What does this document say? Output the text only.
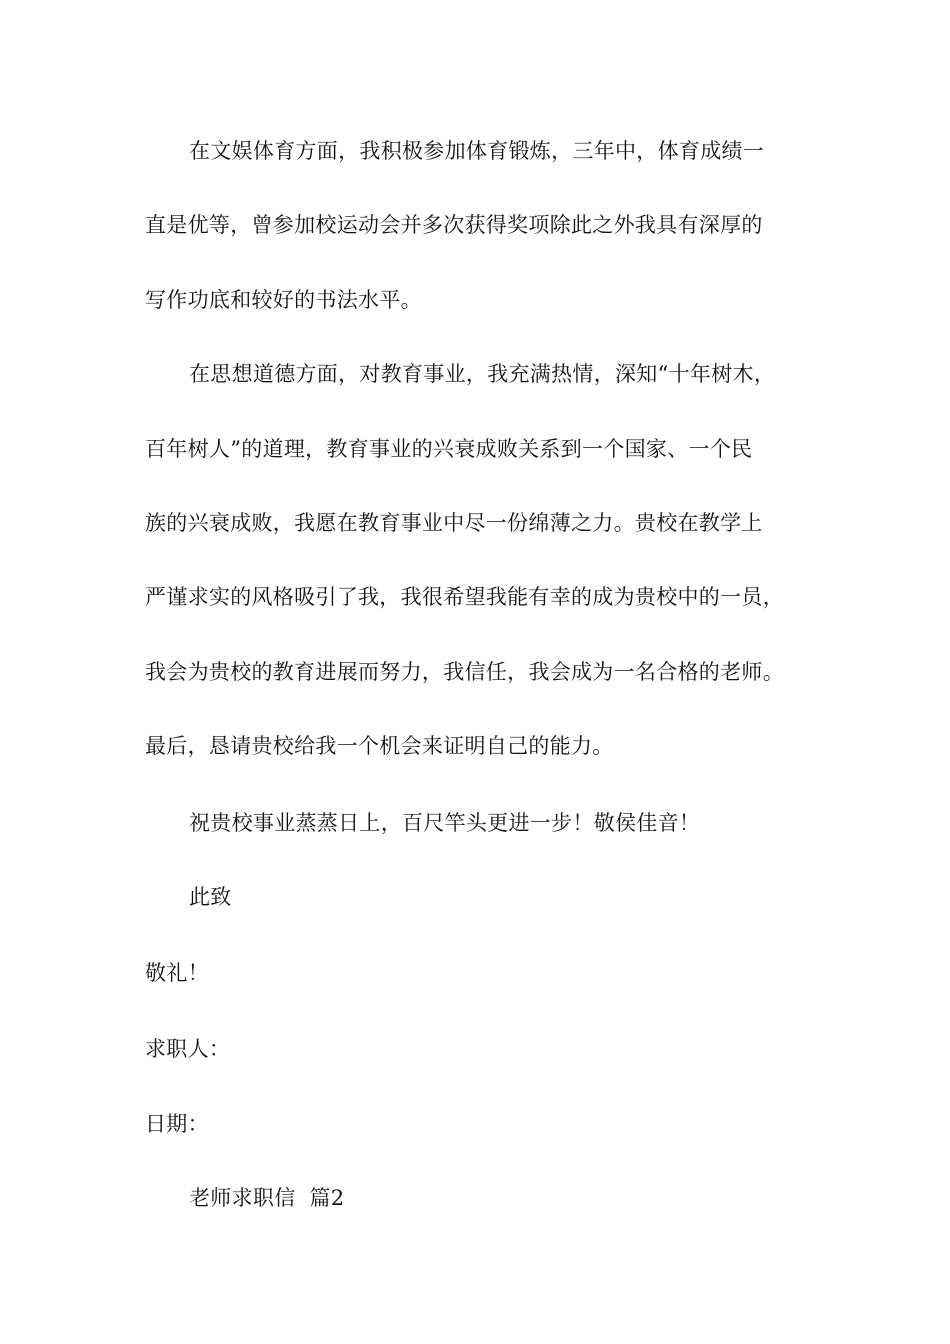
在文娱体育方面，我积极参加体育锻炼，三年中，体育成绩一
直是优等，曾参加校运动会并多次获得奖项除此之外我具有深厚的
写作功底和较好的书法水平。
在思想道德方面，对教育事业，我充满热情，深知“十年树木，
百年树人”的道理，教育事业的兴衰成败关系到一个国家、一个民
族的兴衰成败，我愿在教育事业中尽一份绵薄之力。贵校在教学上
严谨求实的风格吸引了我，我很希望我能有幸的成为贵校中的一员，
我会为贵校的教育进展而努力，我信任，我会成为一名合格的老师。
最后，恳请贵校给我一个机会来证明自己的能力。
祝贵校事业蒸蒸日上，百尺竿头更进一步！敬侯佳音！
此致
敬礼！
求职人：
日期：
老师求职信  篇2
